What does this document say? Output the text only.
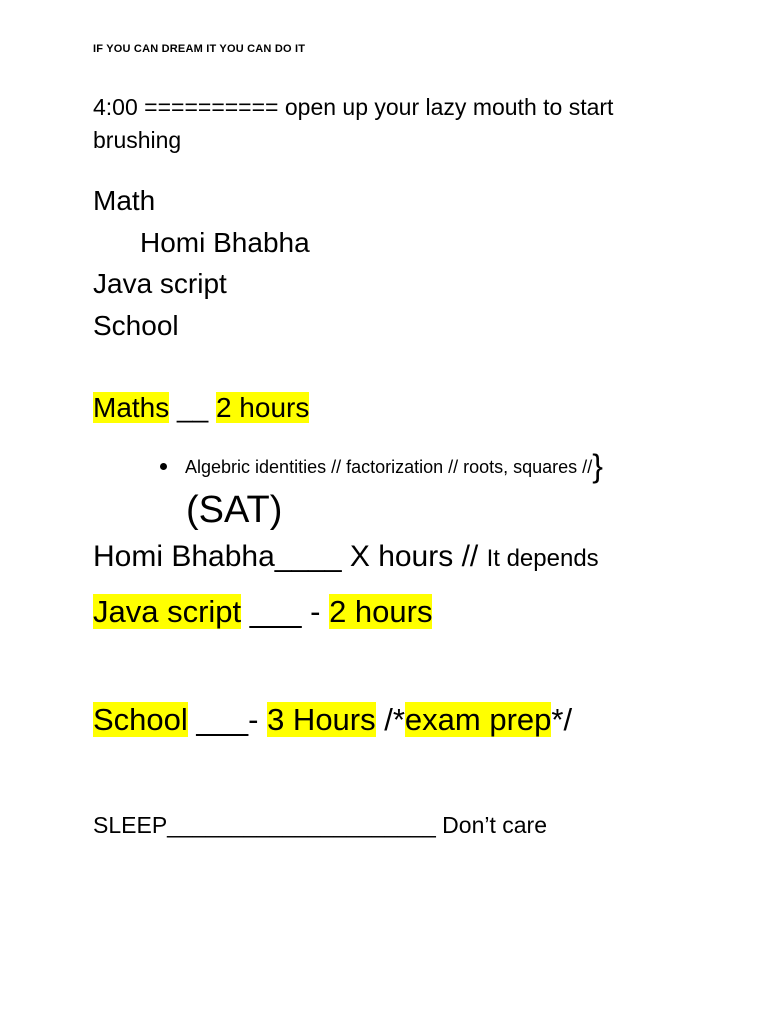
IF YOU CAN DREAM IT YOU CAN DO IT
4:00 ========== open up your lazy mouth to start brushing
Math
Homi Bhabha
Java script
School
Maths __ 2 hours
Algebric identities // factorization // roots, squares //}
(SAT)
Homi Bhabha____ X hours // It depends
Java script ___ - 2 hours
School ___- 3 Hours /*exam prep*/
SLEEP_____________________ Don’t care
